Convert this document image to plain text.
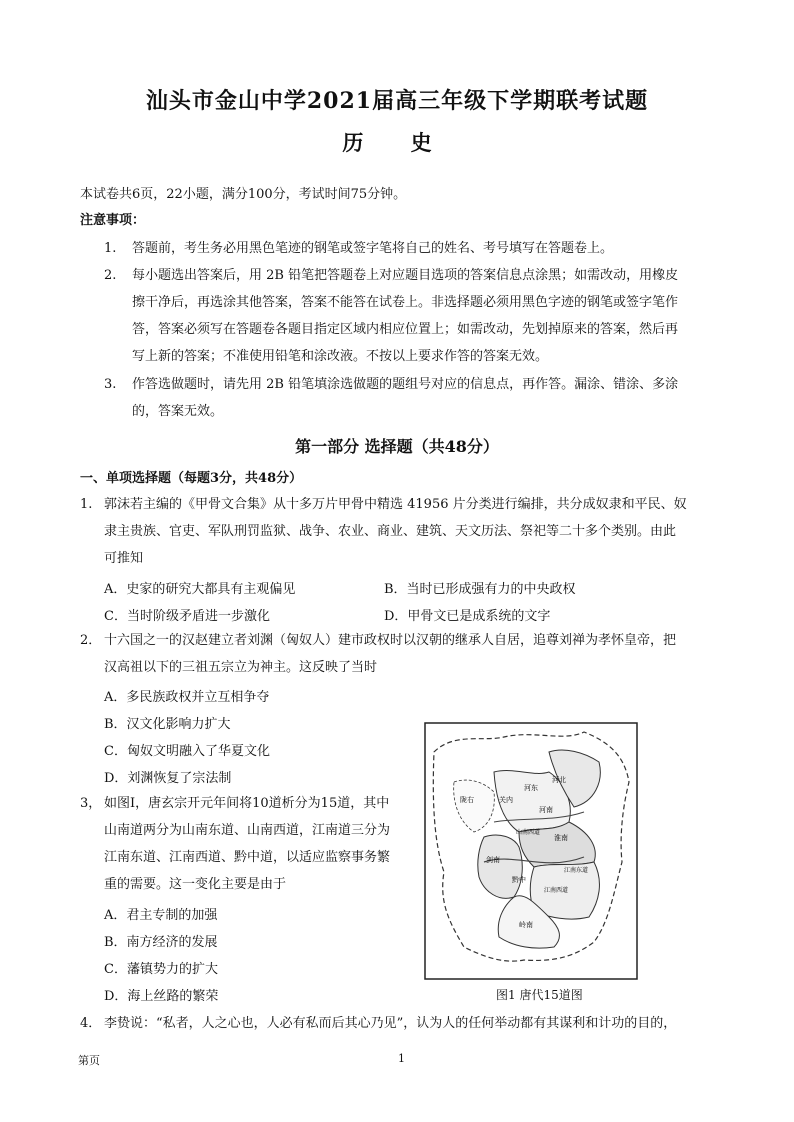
汕头市金山中学2021届高三年级下学期联考试题
历 史
本试卷共6页，22小题，满分100分，考试时间75分钟。
注意事项：
1.	答题前，考生务必用黑色笔迹的钢笔或签字笔将自己的姓名、考号填写在答题卷上。
2.	每小题选出答案后，用 2B 铅笔把答题卷上对应题目选项的答案信息点涂黑；如需改动，用橡皮
擦干净后，再选涂其他答案，答案不能答在试卷上。非选择题必须用黑色字迹的钢笔或签字笔作
答，答案必须写在答题卷各题目指定区域内相应位置上；如需改动，先划掉原来的答案，然后再
写上新的答案；不准使用铅笔和涂改液。不按以上要求作答的答案无效。
3.	作答选做题时，请先用 2B 铅笔填涂选做题的题组号对应的信息点，再作答。漏涂、错涂、多涂
的，答案无效。
第一部分 选择题（共48分）
一、单项选择题（每题3分，共48分）
1. 郭沫若主编的《甲骨文合集》从十多万片甲骨中精选 41956 片分类进行编排，共分成奴隶和平民、奴
隶主贵族、官吏、军队刑罚监狱、战争、农业、商业、建筑、天文历法、祭祀等二十多个类别。由此
可推知
A．史家的研究大都具有主观偏见	B．当时已形成强有力的中央政权
C．当时阶级矛盾进一步激化	D．甲骨文已是成系统的文字
2． 十六国之一的汉赵建立者刘渊（匈奴人）建市政权时以汉朝的继承人自居，追尊刘禅为孝怀皇帝，把
汉高祖以下的三祖五宗立为神主。这反映了当时
A．多民族政权并立互相争夺
B．汉文化影响力扩大
C．匈奴文明融入了华夏文化
D．刘渊恢复了宗法制
3， 如图Ⅰ，唐玄宗开元年间将10道析分为15道，其中
山南道两分为山南东道、山南西道，江南道三分为
江南东道、江南西道、黔中道，以适应监察事务繁
重的需要。这一变化主要是由于
A．君主专制的加强
B．南方经济的发展
C．藩镇势力的扩大
D．海上丝路的繁荣
河北
河东
关内
河南
山南西道
淮南
江南东道
江南西道
剑南
黔中
岭南
陇右
图1 唐代15道图
4． 李贽说：“私者，人之心也，人必有私而后其心乃见”，认为人的任何举动都有其谋利和计功的目的，
第页	1
